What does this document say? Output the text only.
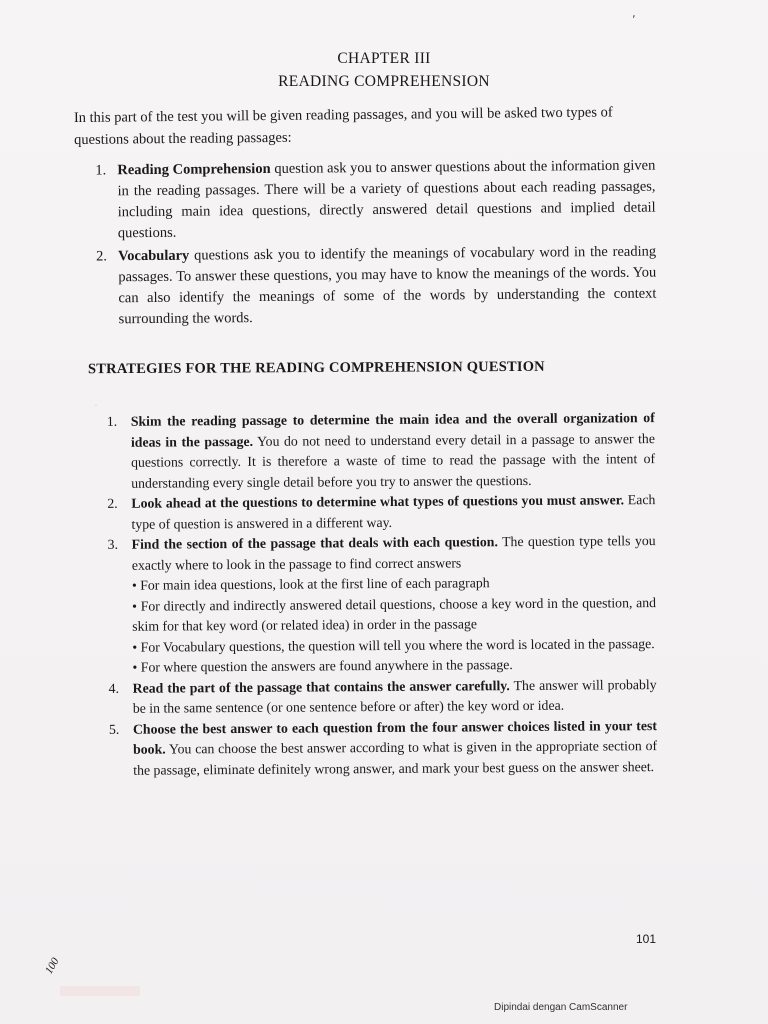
'
CHAPTER III
READING COMPREHENSION
In this part of the test you will be given reading passages, and you will be asked two types of questions about the reading passages:
1. Reading Comprehension question ask you to answer questions about the information given in the reading passages. There will be a variety of questions about each reading passages, including main idea questions, directly answered detail questions and implied detail questions.
2. Vocabulary questions ask you to identify the meanings of vocabulary word in the reading passages. To answer these questions, you may have to know the meanings of the words. You can also identify the meanings of some of the words by understanding the context surrounding the words.
STRATEGIES FOR THE READING COMPREHENSION QUESTION
·
1. Skim the reading passage to determine the main idea and the overall organization of ideas in the passage. You do not need to understand every detail in a passage to answer the questions correctly. It is therefore a waste of time to read the passage with the intent of understanding every single detail before you try to answer the questions.
2. Look ahead at the questions to determine what types of questions you must answer. Each type of question is answered in a different way.
3. Find the section of the passage that deals with each question. The question type tells you exactly where to look in the passage to find correct answers
• For main idea questions, look at the first line of each paragraph
• For directly and indirectly answered detail questions, choose a key word in the question, and skim for that key word (or related idea) in order in the passage
• For Vocabulary questions, the question will tell you where the word is located in the passage.
• For where question the answers are found anywhere in the passage.
4. Read the part of the passage that contains the answer carefully. The answer will probably be in the same sentence (or one sentence before or after) the key word or idea.
5. Choose the best answer to each question from the four answer choices listed in your test book. You can choose the best answer according to what is given in the appropriate section of the passage, eliminate definitely wrong answer, and mark your best guess on the answer sheet.
101
100
Dipindai dengan CamScanner
